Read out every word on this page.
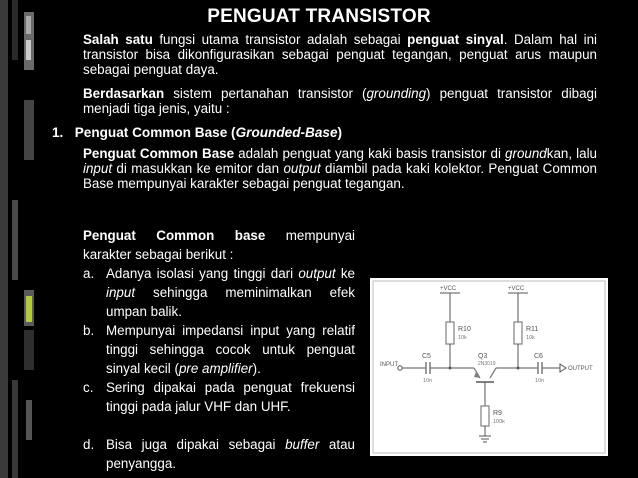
PENGUAT TRANSISTOR
Salah satu fungsi utama transistor adalah sebagai penguat sinyal. Dalam hal ini transistor bisa dikonfigurasikan sebagai penguat tegangan, penguat arus maupun sebagai penguat daya.
Berdasarkan sistem pertanahan transistor (grounding) penguat transistor dibagi menjadi tiga jenis, yaitu :
1. Penguat Common Base (Grounded-Base)
Penguat Common Base adalah penguat yang kaki basis transistor di groundkan, lalu input di masukkan ke emitor dan output diambil pada kaki kolektor. Penguat Common Base mempunyai karakter sebagai penguat tegangan.
Penguat Common base mempunyai karakter sebagai berikut :
a. Adanya isolasi yang tinggi dari output ke input sehingga meminimalkan efek umpan balik.
b. Mempunyai impedansi input yang relatif tinggi sehingga cocok untuk penguat sinyal kecil (pre amplifier).
c. Sering dipakai pada penguat frekuensi tinggi pada jalur VHF dan UHF.
d. Bisa juga dipakai sebagai buffer atau penyangga.
+VCC
R10
10k
+VCC
R11
10k
INPUT
C5
10n
Q3
2N3019
C6
10n
OUTPUT
R9
100k
